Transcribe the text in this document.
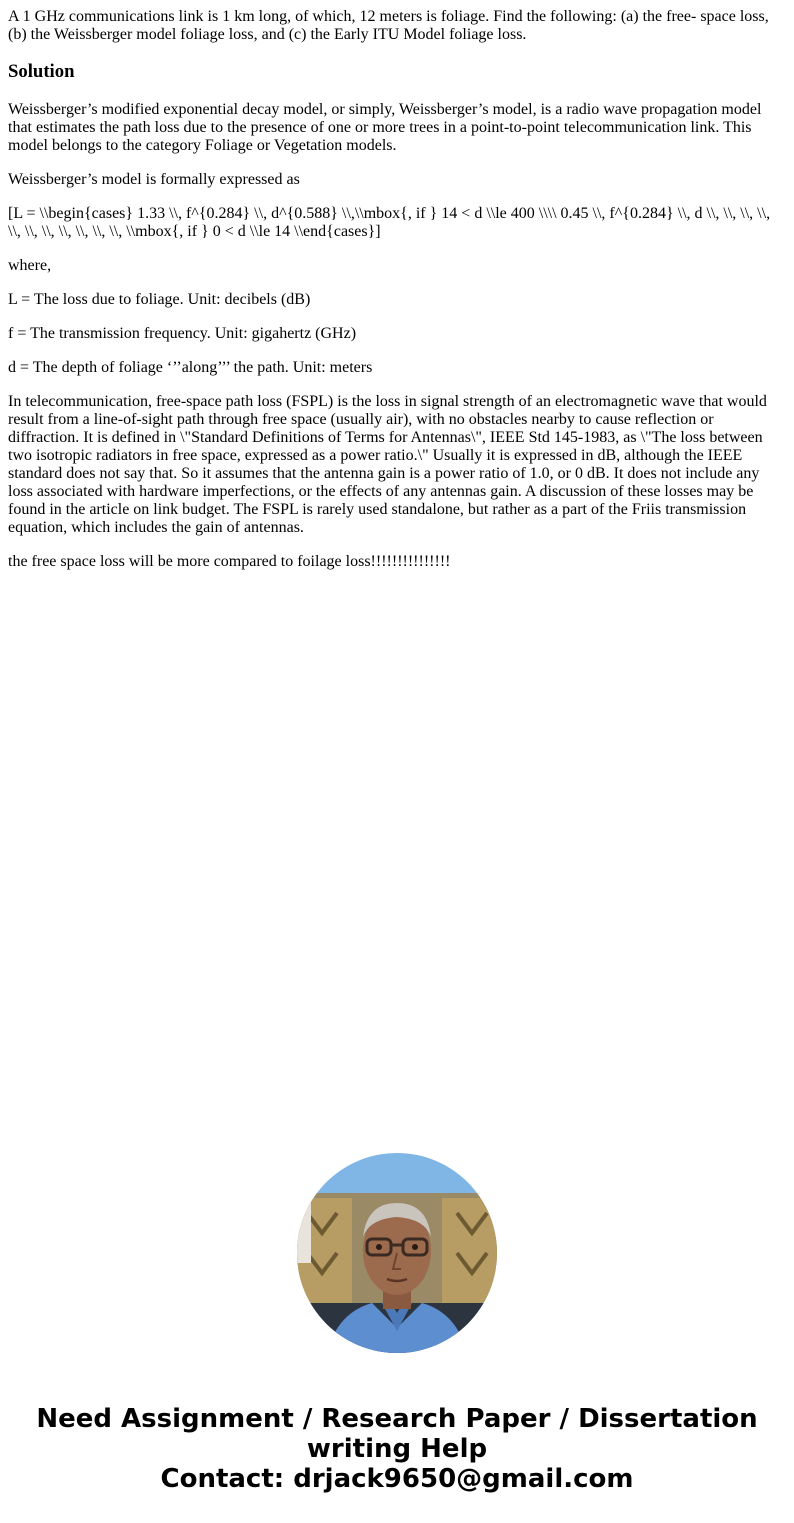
A 1 GHz communications link is 1 km long, of which, 12 meters is foliage. Find the following: (a) the free- space loss, (b) the Weissberger model foliage loss, and (c) the Early ITU Model foliage loss.

Solution

Weissberger’s modified exponential decay model, or simply, Weissberger’s model, is a radio wave propagation model that estimates the path loss due to the presence of one or more trees in a point-to-point telecommunication link. This model belongs to the category Foliage or Vegetation models.

Weissberger’s model is formally expressed as

[L = \\begin{cases} 1.33 \\, f^{0.284} \\, d^{0.588} \\,\\mbox{, if } 14 < d \\le 400 \\\\ 0.45 \\, f^{0.284} \\, d \\, \\, \\, \\, \\, \\, \\, \\, \\, \\, \\, \\mbox{, if } 0 < d \\le 14 \\end{cases}]

where,

L = The loss due to foliage. Unit: decibels (dB)

f = The transmission frequency. Unit: gigahertz (GHz)

d = The depth of foliage ‘’’along’’’ the path. Unit: meters

In telecommunication, free-space path loss (FSPL) is the loss in signal strength of an electromagnetic wave that would result from a line-of-sight path through free space (usually air), with no obstacles nearby to cause reflection or diffraction. It is defined in \"Standard Definitions of Terms for Antennas\", IEEE Std 145-1983, as \"The loss between two isotropic radiators in free space, expressed as a power ratio.\" Usually it is expressed in dB, although the IEEE standard does not say that. So it assumes that the antenna gain is a power ratio of 1.0, or 0 dB. It does not include any loss associated with hardware imperfections, or the effects of any antennas gain. A discussion of these losses may be found in the article on link budget. The FSPL is rarely used standalone, but rather as a part of the Friis transmission equation, which includes the gain of antennas.

the free space loss will be more compared to foilage loss!!!!!!!!!!!!!!!

Need Assignment / Research Paper / Dissertation
writing Help
Contact: drjack9650@gmail.com
